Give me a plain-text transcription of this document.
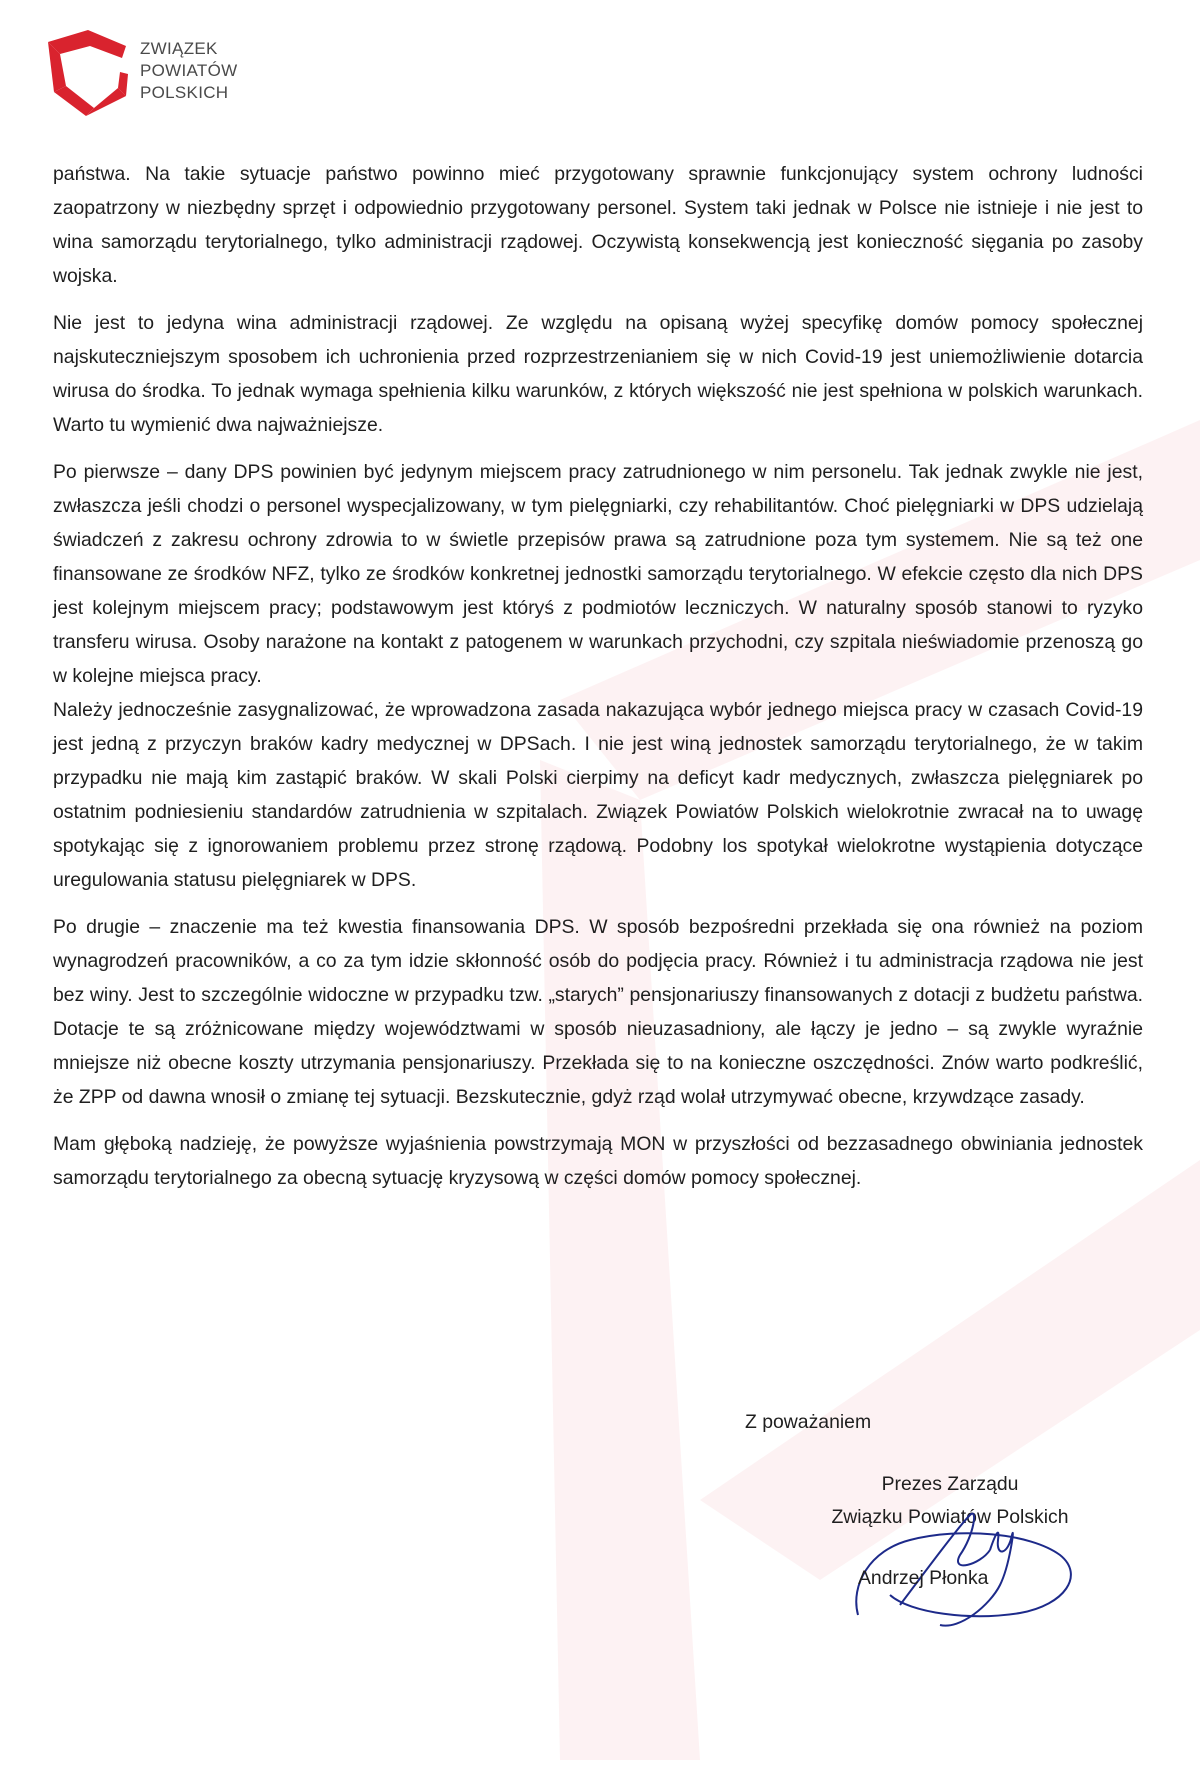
ZWIĄZEK
POWIATÓW
POLSKICH

państwa. Na takie sytuacje państwo powinno mieć przygotowany sprawnie funkcjonujący system ochrony ludności zaopatrzony w niezbędny sprzęt i odpowiednio przygotowany personel. System taki jednak w Polsce nie istnieje i nie jest to wina samorządu terytorialnego, tylko administracji rządowej. Oczywistą konsekwencją jest konieczność sięgania po zasoby wojska.

Nie jest to jedyna wina administracji rządowej. Ze względu na opisaną wyżej specyfikę domów pomocy społecznej najskuteczniejszym sposobem ich uchronienia przed rozprzestrzenianiem się w nich Covid-19 jest uniemożliwienie dotarcia wirusa do środka. To jednak wymaga spełnienia kilku warunków, z których większość nie jest spełniona w polskich warunkach. Warto tu wymienić dwa najważniejsze.

Po pierwsze – dany DPS powinien być jedynym miejscem pracy zatrudnionego w nim personelu. Tak jednak zwykle nie jest, zwłaszcza jeśli chodzi o personel wyspecjalizowany, w tym pielęgniarki, czy rehabilitantów. Choć pielęgniarki w DPS udzielają świadczeń z zakresu ochrony zdrowia to w świetle przepisów prawa są zatrudnione poza tym systemem. Nie są też one finansowane ze środków NFZ, tylko ze środków konkretnej jednostki samorządu terytorialnego. W efekcie często dla nich DPS jest kolejnym miejscem pracy; podstawowym jest któryś z podmiotów leczniczych. W naturalny sposób stanowi to ryzyko transferu wirusa. Osoby narażone na kontakt z patogenem w warunkach przychodni, czy szpitala nieświadomie przenoszą go w kolejne miejsca pracy.

Należy jednocześnie zasygnalizować, że wprowadzona zasada nakazująca wybór jednego miejsca pracy w czasach Covid-19 jest jedną z przyczyn braków kadry medycznej w DPSach. I nie jest winą jednostek samorządu terytorialnego, że w takim przypadku nie mają kim zastąpić braków. W skali Polski cierpimy na deficyt kadr medycznych, zwłaszcza pielęgniarek po ostatnim podniesieniu standardów zatrudnienia w szpitalach. Związek Powiatów Polskich wielokrotnie zwracał na to uwagę spotykając się z ignorowaniem problemu przez stronę rządową. Podobny los spotykał wielokrotne wystąpienia dotyczące uregulowania statusu pielęgniarek w DPS.

Po drugie – znaczenie ma też kwestia finansowania DPS. W sposób bezpośredni przekłada się ona również na poziom wynagrodzeń pracowników, a co za tym idzie skłonność osób do podjęcia pracy. Również i tu administracja rządowa nie jest bez winy. Jest to szczególnie widoczne w przypadku tzw. „starych” pensjonariuszy finansowanych z dotacji z budżetu państwa. Dotacje te są zróżnicowane między województwami w sposób nieuzasadniony, ale łączy je jedno – są zwykle wyraźnie mniejsze niż obecne koszty utrzymania pensjonariuszy. Przekłada się to na konieczne oszczędności. Znów warto podkreślić, że ZPP od dawna wnosił o zmianę tej sytuacji. Bezskutecznie, gdyż rząd wolał utrzymywać obecne, krzywdzące zasady.

Mam głęboką nadzieję, że powyższe wyjaśnienia powstrzymają MON w przyszłości od bezzasadnego obwiniania jednostek samorządu terytorialnego za obecną sytuację kryzysową w części domów pomocy społecznej.

Z poważaniem
Prezes Zarządu
Związku Powiatów Polskich
Andrzej Płonka
